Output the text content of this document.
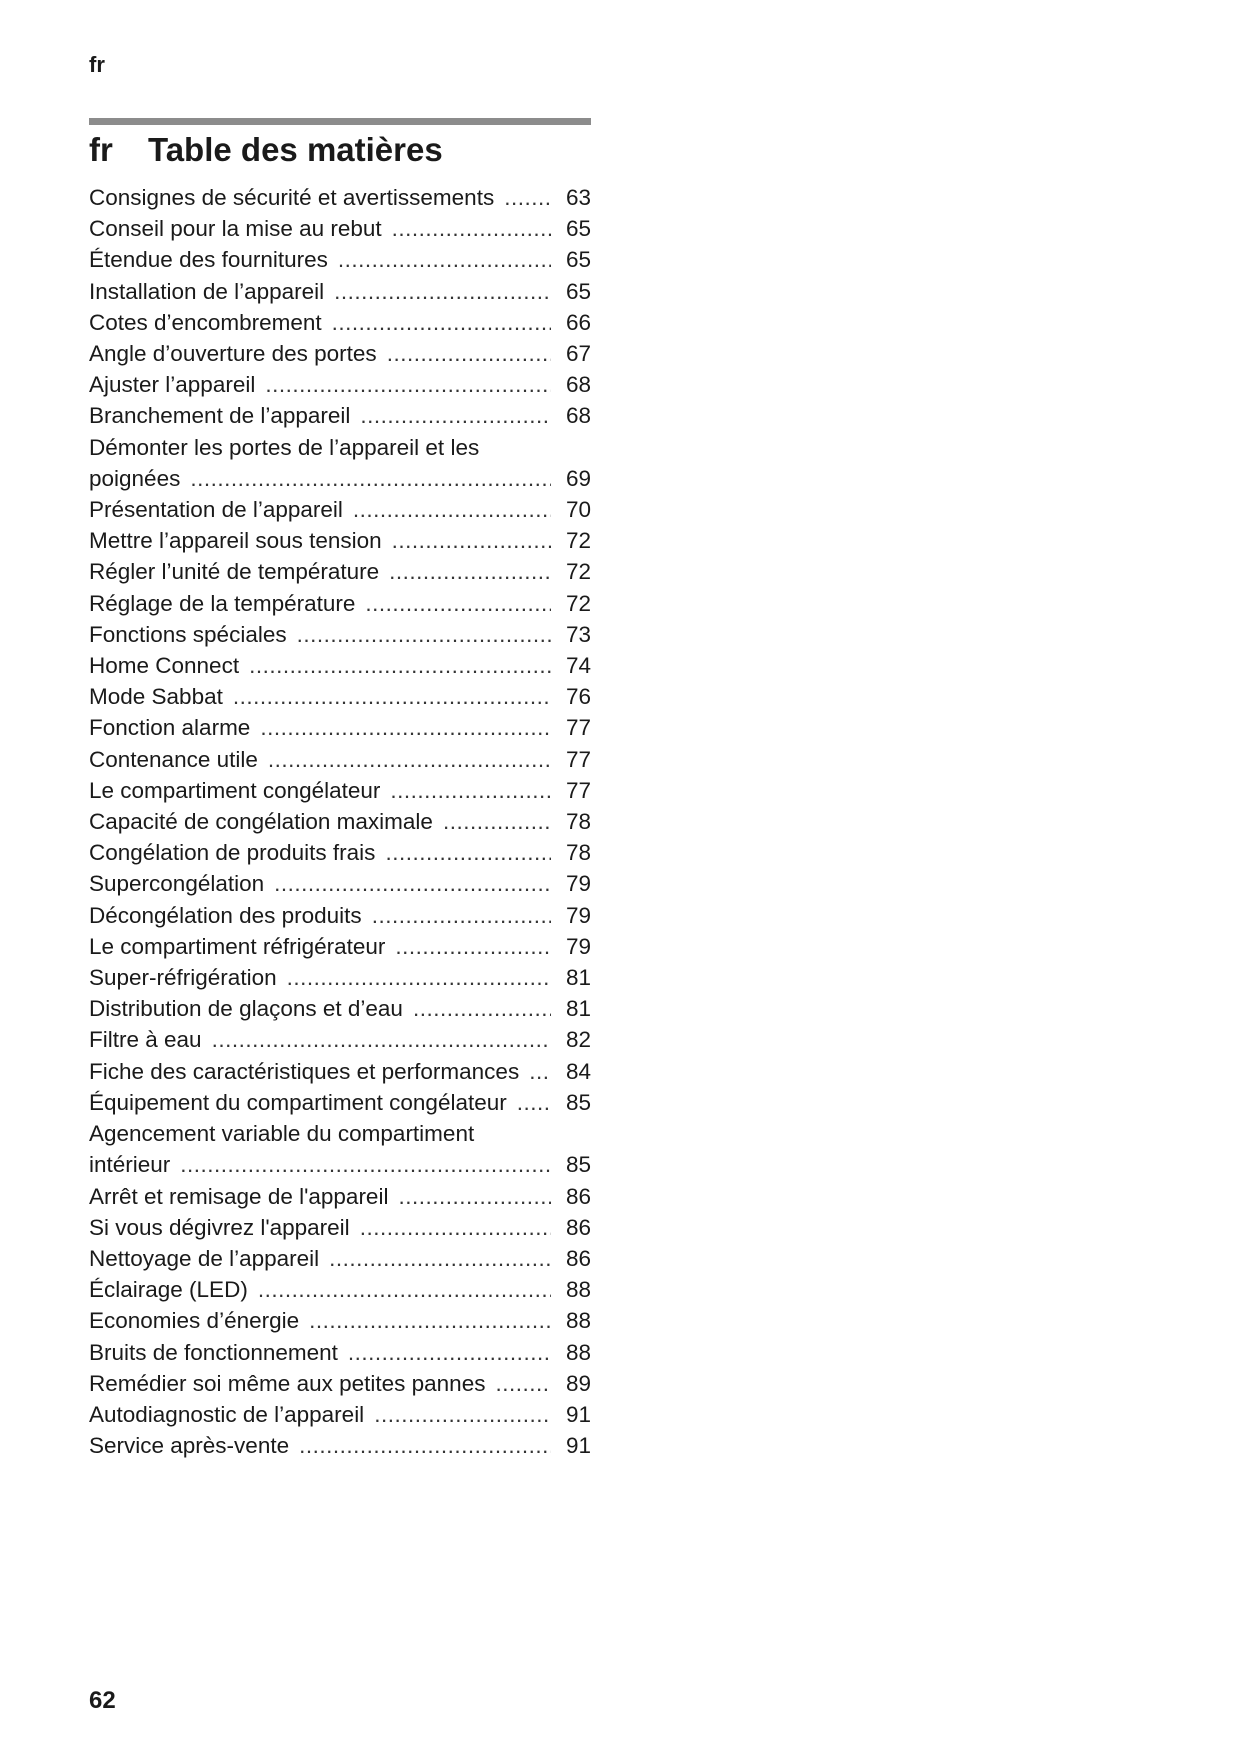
fr
fr Table des matières
Consignes de sécurité et avertissements .....	63
Conseil pour la mise au rebut .....	65
Étendue des fournitures .....	65
Installation de l’appareil .....	65
Cotes d’encombrement .....	66
Angle d’ouverture des portes .....	67
Ajuster l’appareil .....	68
Branchement de l’appareil .....	68
Démonter les portes de l’appareil et les
poignées .....	69
Présentation de l’appareil .....	70
Mettre l’appareil sous tension .....	72
Régler l’unité de température .....	72
Réglage de la température .....	72
Fonctions spéciales .....	73
Home Connect .....	74
Mode Sabbat .....	76
Fonction alarme .....	77
Contenance utile .....	77
Le compartiment congélateur .....	77
Capacité de congélation maximale .....	78
Congélation de produits frais .....	78
Supercongélation .....	79
Décongélation des produits .....	79
Le compartiment réfrigérateur .....	79
Super-réfrigération .....	81
Distribution de glaçons et d’eau .....	81
Filtre à eau .....	82
Fiche des caractéristiques et performances ..... 84
Équipement du compartiment congélateur .....	85
Agencement variable du compartiment
intérieur .....	85
Arrêt et remisage de l'appareil .....	86
Si vous dégivrez l'appareil .....	86
Nettoyage de l’appareil .....	86
Éclairage (LED) .....	88
Economies d’énergie .....	88
Bruits de fonctionnement .....	88
Remédier soi même aux petites pannes .....	89
Autodiagnostic de l’appareil .....	91
Service après-vente .....	91
62
